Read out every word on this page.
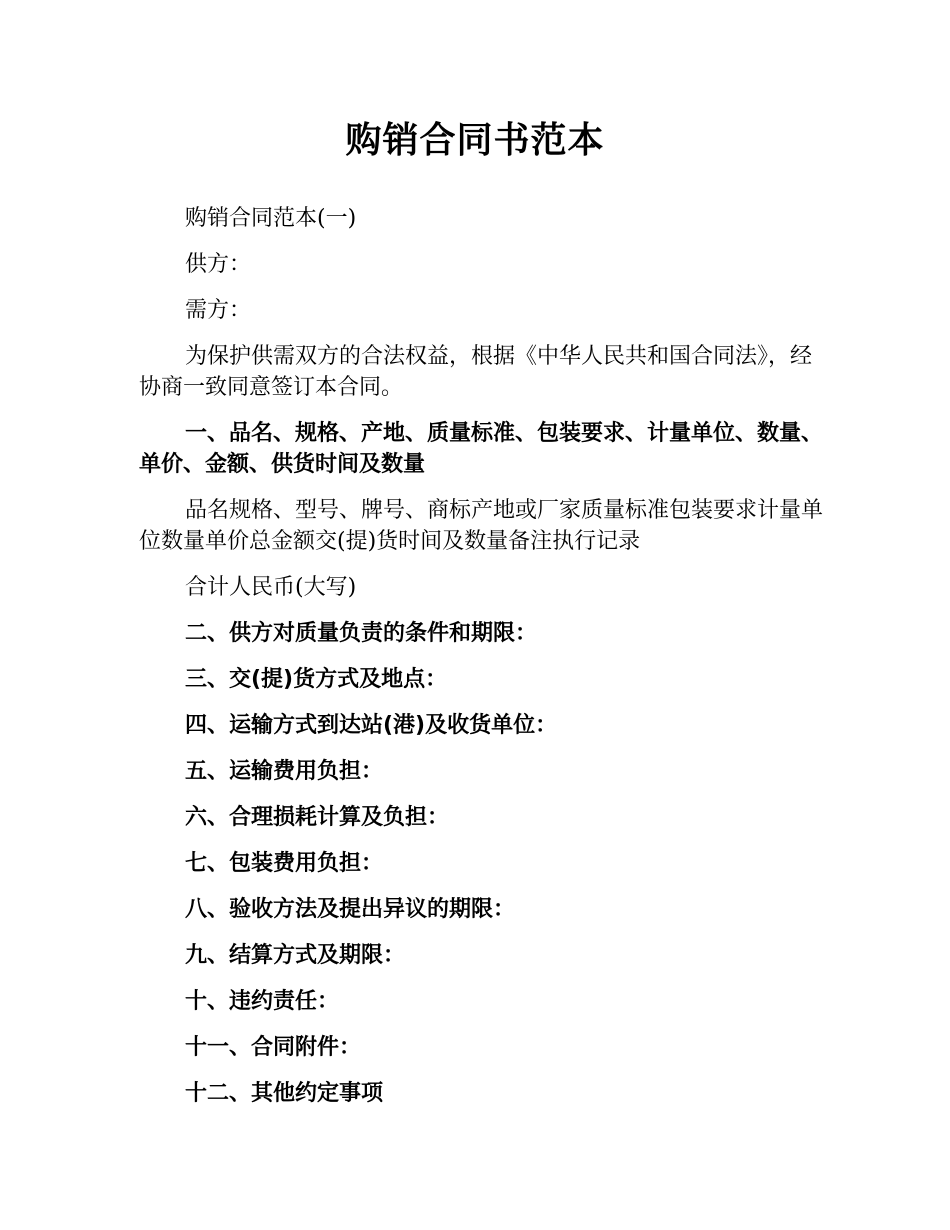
购销合同书范本

购销合同范本(一)

供方：

需方：

为保护供需双方的合法权益，根据《中华人民共和国合同法》，经协商一致同意签订本合同。

一、品名、规格、产地、质量标准、包装要求、计量单位、数量、单价、金额、供货时间及数量

品名规格、型号、牌号、商标产地或厂家质量标准包装要求计量单位数量单价总金额交(提)货时间及数量备注执行记录

合计人民币(大写)

二、供方对质量负责的条件和期限：

三、交(提)货方式及地点：

四、运输方式到达站(港)及收货单位：

五、运输费用负担：

六、合理损耗计算及负担：

七、包装费用负担：

八、验收方法及提出异议的期限：

九、结算方式及期限：

十、违约责任：

十一、合同附件：

十二、其他约定事项
